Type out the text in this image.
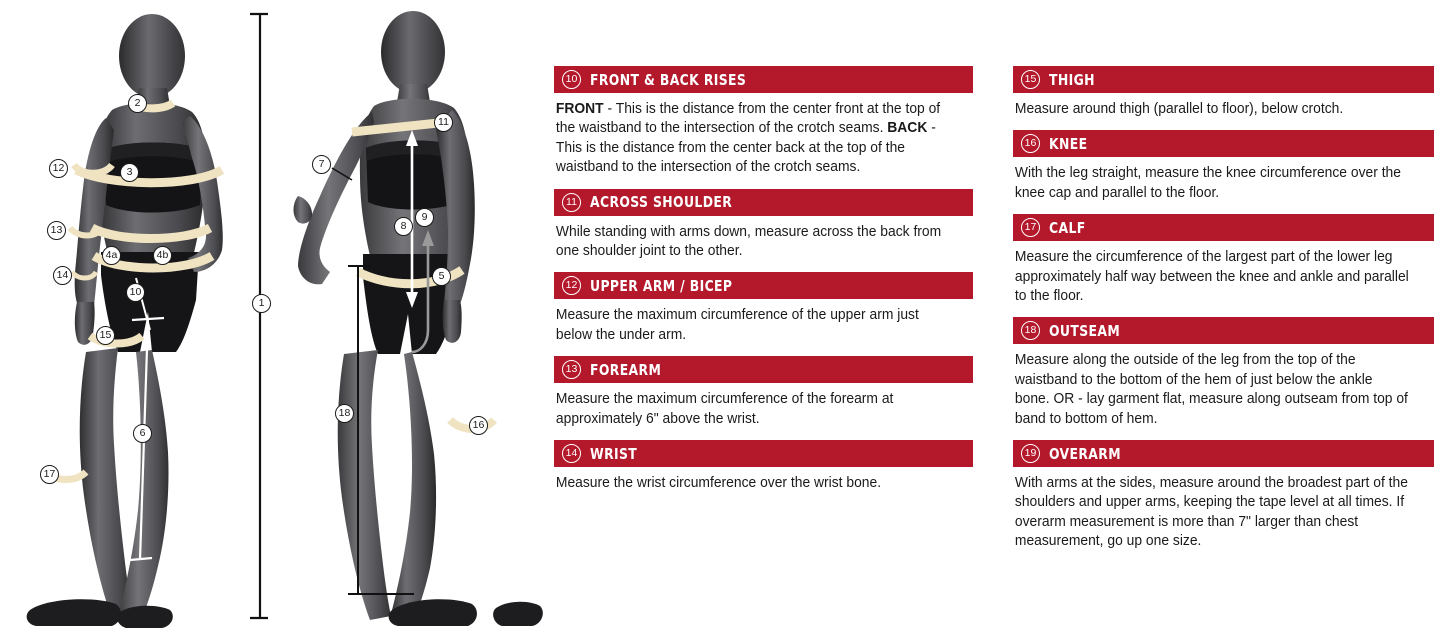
1
2
3
4a	4b
5
6
7
8
9
10
11
12
13
14
15
16
17
18
10 FRONT & BACK RISES
FRONT - This is the distance from the center front at the top of the waistband to the intersection of the crotch seams. BACK - This is the distance from the center back at the top of the waistband to the intersection of the crotch seams.
11 ACROSS SHOULDER
While standing with arms down, measure across the back from one shoulder joint to the other.
12 UPPER ARM / BICEP
Measure the maximum circumference of the upper arm just below the under arm.
13 FOREARM
Measure the maximum circumference of the forearm at approximately 6" above the wrist.
14 WRIST
Measure the wrist circumference over the wrist bone.
15 THIGH
Measure around thigh (parallel to floor), below crotch.
16 KNEE
With the leg straight, measure the knee circumference over the knee cap and parallel to the floor.
17 CALF
Measure the circumference of the largest part of the lower leg approximately half way between the knee and ankle and parallel to the floor.
18 OUTSEAM
Measure along the outside of the leg from the top of the waistband to the bottom of the hem of just below the ankle bone. OR - lay garment flat, measure along outseam from top of band to bottom of hem.
19 OVERARM
With arms at the sides, measure around the broadest part of the shoulders and upper arms, keeping the tape level at all times. If overarm measurement is more than 7" larger than chest measurement, go up one size.
